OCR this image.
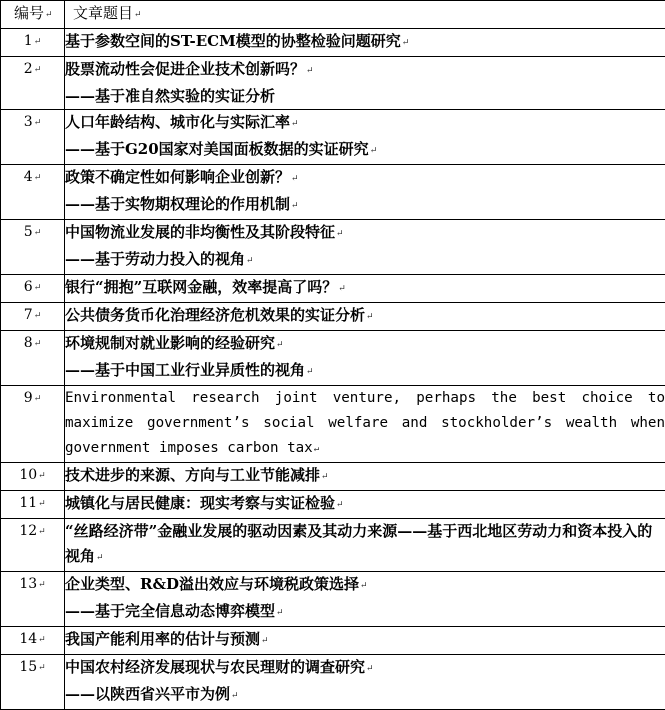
编号↵	文章题目↵
1↵	基于参数空间的ST-ECM模型的协整检验问题研究↵

2↵	股票流动性会促进企业技术创新吗？↵
——基于准自然实验的实证分析

3↵	人口年龄结构、城市化与实际汇率↵
——基于G20国家对美国面板数据的实证研究↵

4↵	政策不确定性如何影响企业创新？↵
——基于实物期权理论的作用机制↵

5↵	中国物流业发展的非均衡性及其阶段特征↵
——基于劳动力投入的视角↵

6↵	银行“拥抱”互联网金融，效率提高了吗？↵

7↵	公共债务货币化治理经济危机效果的实证分析↵

8↵	环境规制对就业影响的经验研究↵
——基于中国工业行业异质性的视角↵

9↵	Environmental research joint venture, perhaps the best choice to maximize government’s social welfare and stockholder’s wealth when government imposes carbon tax↵

10↵	技术进步的来源、方向与工业节能减排↵

11↵	城镇化与居民健康：现实考察与实证检验↵

12↵	“丝路经济带”金融业发展的驱动因素及其动力来源——基于西北地区劳动力和资本投入的视角↵

13↵	企业类型、R&D溢出效应与环境税政策选择↵
——基于完全信息动态博弈模型↵

14↵	我国产能利用率的估计与预测↵

15↵	中国农村经济发展现状与农民理财的调查研究↵
——以陕西省兴平市为例↵
